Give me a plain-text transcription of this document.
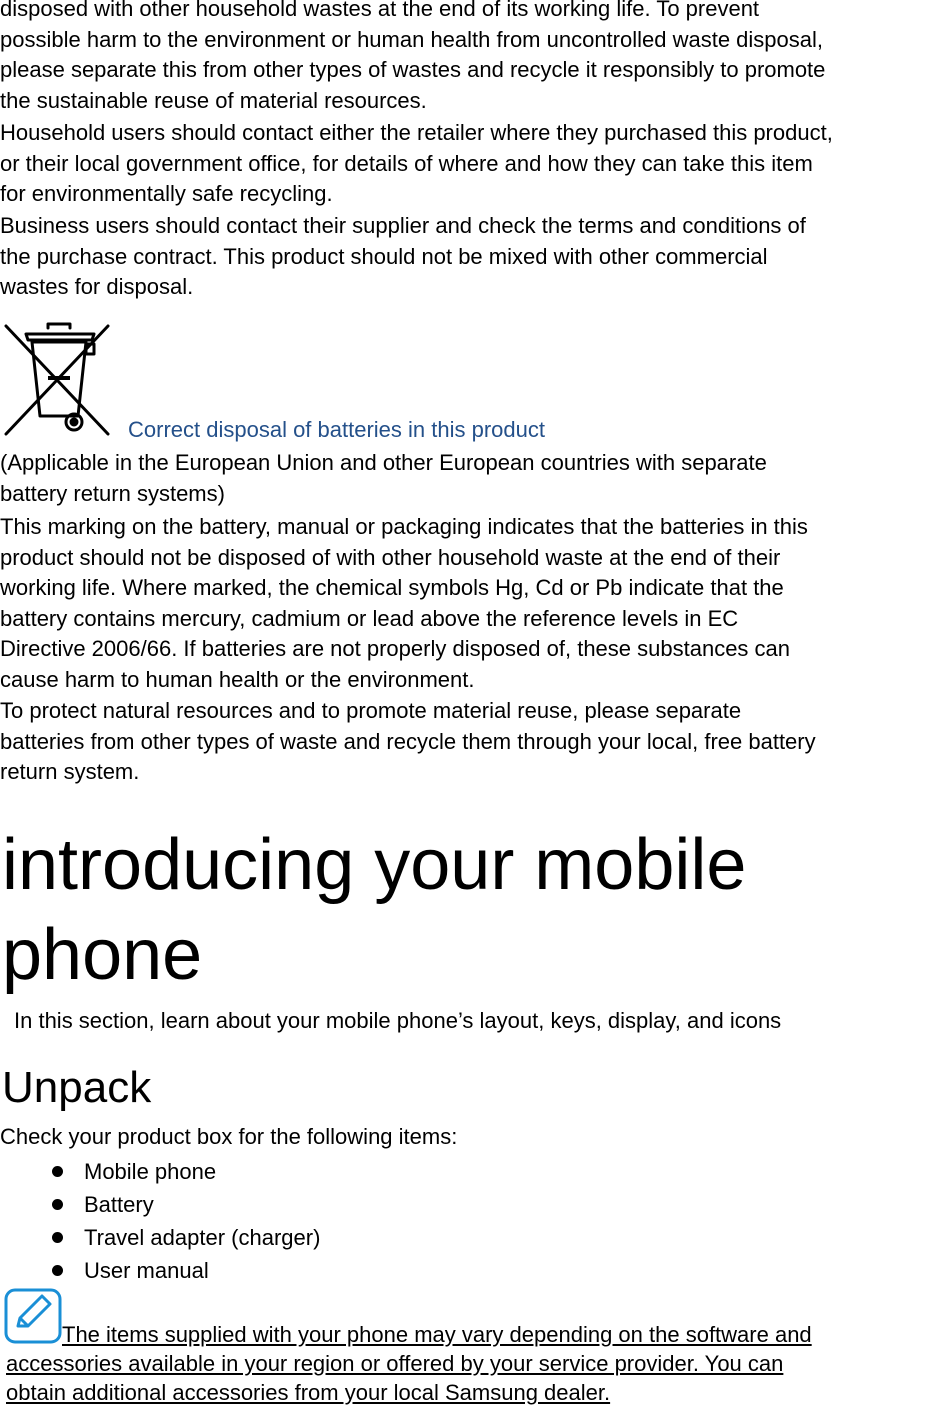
disposed with other household wastes at the end of its working life. To prevent
possible harm to the environment or human health from uncontrolled waste disposal,
please separate this from other types of wastes and recycle it responsibly to promote
the sustainable reuse of material resources.

Household users should contact either the retailer where they purchased this product,
or their local government office, for details of where and how they can take this item
for environmentally safe recycling.

Business users should contact their supplier and check the terms and conditions of
the purchase contract. This product should not be mixed with other commercial
wastes for disposal.

Correct disposal of batteries in this product

(Applicable in the European Union and other European countries with separate
battery return systems)

This marking on the battery, manual or packaging indicates that the batteries in this
product should not be disposed of with other household waste at the end of their
working life. Where marked, the chemical symbols Hg, Cd or Pb indicate that the
battery contains mercury, cadmium or lead above the reference levels in EC
Directive 2006/66. If batteries are not properly disposed of, these substances can
cause harm to human health or the environment.

To protect natural resources and to promote material reuse, please separate
batteries from other types of waste and recycle them through your local, free battery
return system.

introducing your mobile
phone

In this section, learn about your mobile phone’s layout, keys, display, and icons

Unpack

Check your product box for the following items:

Mobile phone
Battery
Travel adapter (charger)
User manual

The items supplied with your phone may vary depending on the software and
accessories available in your region or offered by your service provider. You can
obtain additional accessories from your local Samsung dealer.
